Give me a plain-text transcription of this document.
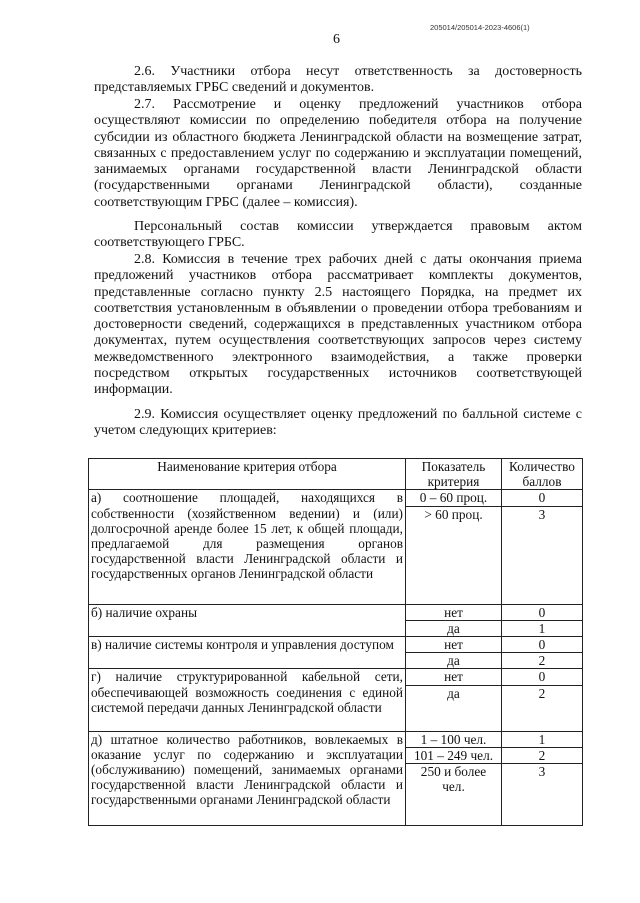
205014/205014-2023-4606(1)
6

2.6. Участники отбора несут ответственность за достоверность представляемых ГРБС сведений и документов.

2.7. Рассмотрение и оценку предложений участников отбора осуществляют комиссии по определению победителя отбора на получение субсидии из областного бюджета Ленинградской области на возмещение затрат, связанных с предоставлением услуг по содержанию и эксплуатации помещений, занимаемых органами государственной власти Ленинградской области (государственными органами Ленинградской области), созданные соответствующим ГРБС (далее – комиссия).

Персональный состав комиссии утверждается правовым актом соответствующего ГРБС.

2.8. Комиссия в течение трех рабочих дней с даты окончания приема предложений участников отбора рассматривает комплекты документов, представленные согласно пункту 2.5 настоящего Порядка, на предмет их соответствия установленным в объявлении о проведении отбора требованиям и достоверности сведений, содержащихся в представленных участником отбора документах, путем осуществления соответствующих запросов через систему межведомственного электронного взаимодействия, а также проверки посредством открытых государственных источников соответствующей информации.

2.9. Комиссия осуществляет оценку предложений по балльной системе с учетом следующих критериев:

Наименование критерия отбора	Показатель критерия	Количество баллов
а) соотношение площадей, находящихся в собственности (хозяйственном ведении) и (или) долгосрочной аренде более 15 лет, к общей площади, предлагаемой для размещения органов государственной власти Ленинградской области и государственных органов Ленинградской области	0 – 60 проц.	0
	> 60 проц.	3
б) наличие охраны	нет	0
	да	1
в) наличие системы контроля и управления доступом	нет	0
	да	2
г) наличие структурированной кабельной сети, обеспечивающей возможность соединения с единой системой передачи данных Ленинградской области	нет	0
	да	2
д) штатное количество работников, вовлекаемых в оказание услуг по содержанию и эксплуатации (обслуживанию) помещений, занимаемых органами государственной власти Ленинградской области и государственными органами Ленинградской области	1 – 100 чел.	1
	101 – 249 чел.	2
	250 и более чел.	3
